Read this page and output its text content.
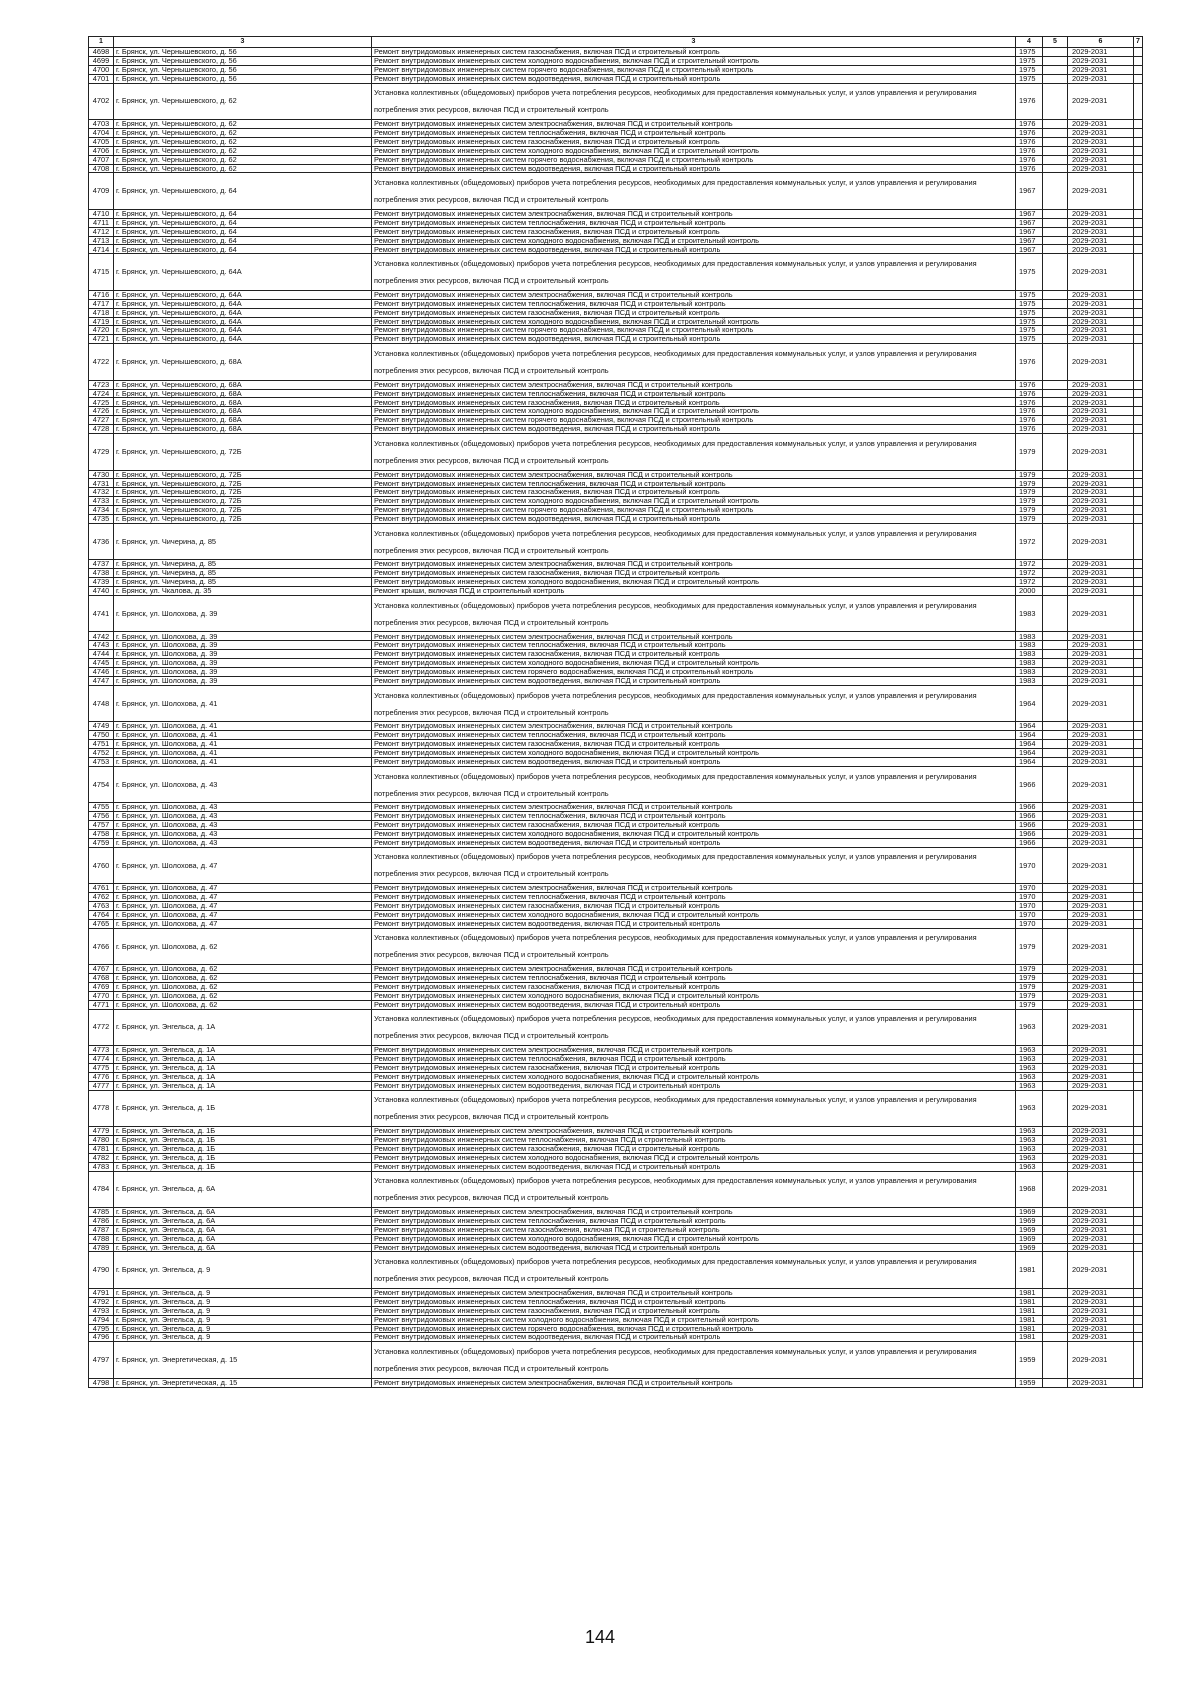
1	3	3	4	5	6	7
4698	г. Брянск, ул. Чернышевского, д. 56	Ремонт внутридомовых инженерных систем газоснабжения, включая ПСД и строительный контроль	1975		2029-2031	
4699	г. Брянск, ул. Чернышевского, д. 56	Ремонт внутридомовых инженерных систем холодного водоснабжения, включая ПСД и строительный контроль	1975		2029-2031	
4700	г. Брянск, ул. Чернышевского, д. 56	Ремонт внутридомовых инженерных систем горячего водоснабжения, включая ПСД и строительный контроль	1975		2029-2031	
4701	г. Брянск, ул. Чернышевского, д. 56	Ремонт внутридомовых инженерных систем водоотведения, включая ПСД и строительный контроль	1975		2029-2031	
4702	г. Брянск, ул. Чернышевского, д. 62	Установка коллективных (общедомовых) приборов учета потребления ресурсов, необходимых для предоставления коммунальных услуг, и узлов управления и регулирования потребления этих ресурсов, включая ПСД и строительный контроль	1976		2029-2031	
4703	г. Брянск, ул. Чернышевского, д. 62	Ремонт внутридомовых инженерных систем электроснабжения, включая ПСД и строительный контроль	1976		2029-2031	
4704	г. Брянск, ул. Чернышевского, д. 62	Ремонт внутридомовых инженерных систем теплоснабжения, включая ПСД и строительный контроль	1976		2029-2031	
4705	г. Брянск, ул. Чернышевского, д. 62	Ремонт внутридомовых инженерных систем газоснабжения, включая ПСД и строительный контроль	1976		2029-2031	
4706	г. Брянск, ул. Чернышевского, д. 62	Ремонт внутридомовых инженерных систем холодного водоснабжения, включая ПСД и строительный контроль	1976		2029-2031	
4707	г. Брянск, ул. Чернышевского, д. 62	Ремонт внутридомовых инженерных систем горячего водоснабжения, включая ПСД и строительный контроль	1976		2029-2031	
4708	г. Брянск, ул. Чернышевского, д. 62	Ремонт внутридомовых инженерных систем водоотведения, включая ПСД и строительный контроль	1976		2029-2031	
4709	г. Брянск, ул. Чернышевского, д. 64	Установка коллективных (общедомовых) приборов учета потребления ресурсов, необходимых для предоставления коммунальных услуг, и узлов управления и регулирования потребления этих ресурсов, включая ПСД и строительный контроль	1967		2029-2031	
4710	г. Брянск, ул. Чернышевского, д. 64	Ремонт внутридомовых инженерных систем электроснабжения, включая ПСД и строительный контроль	1967		2029-2031	
4711	г. Брянск, ул. Чернышевского, д. 64	Ремонт внутридомовых инженерных систем теплоснабжения, включая ПСД и строительный контроль	1967		2029-2031	
4712	г. Брянск, ул. Чернышевского, д. 64	Ремонт внутридомовых инженерных систем газоснабжения, включая ПСД и строительный контроль	1967		2029-2031	
4713	г. Брянск, ул. Чернышевского, д. 64	Ремонт внутридомовых инженерных систем холодного водоснабжения, включая ПСД и строительный контроль	1967		2029-2031	
4714	г. Брянск, ул. Чернышевского, д. 64	Ремонт внутридомовых инженерных систем водоотведения, включая ПСД и строительный контроль	1967		2029-2031	
4715	г. Брянск, ул. Чернышевского, д. 64А	Установка коллективных (общедомовых) приборов учета потребления ресурсов, необходимых для предоставления коммунальных услуг, и узлов управления и регулирования потребления этих ресурсов, включая ПСД и строительный контроль	1975		2029-2031	
4716	г. Брянск, ул. Чернышевского, д. 64А	Ремонт внутридомовых инженерных систем электроснабжения, включая ПСД и строительный контроль	1975		2029-2031	
4717	г. Брянск, ул. Чернышевского, д. 64А	Ремонт внутридомовых инженерных систем теплоснабжения, включая ПСД и строительный контроль	1975		2029-2031	
4718	г. Брянск, ул. Чернышевского, д. 64А	Ремонт внутридомовых инженерных систем газоснабжения, включая ПСД и строительный контроль	1975		2029-2031	
4719	г. Брянск, ул. Чернышевского, д. 64А	Ремонт внутридомовых инженерных систем холодного водоснабжения, включая ПСД и строительный контроль	1975		2029-2031	
4720	г. Брянск, ул. Чернышевского, д. 64А	Ремонт внутридомовых инженерных систем горячего водоснабжения, включая ПСД и строительный контроль	1975		2029-2031	
4721	г. Брянск, ул. Чернышевского, д. 64А	Ремонт внутридомовых инженерных систем водоотведения, включая ПСД и строительный контроль	1975		2029-2031	
4722	г. Брянск, ул. Чернышевского, д. 68А	Установка коллективных (общедомовых) приборов учета потребления ресурсов, необходимых для предоставления коммунальных услуг, и узлов управления и регулирования потребления этих ресурсов, включая ПСД и строительный контроль	1976		2029-2031	
4723	г. Брянск, ул. Чернышевского, д. 68А	Ремонт внутридомовых инженерных систем электроснабжения, включая ПСД и строительный контроль	1976		2029-2031	
4724	г. Брянск, ул. Чернышевского, д. 68А	Ремонт внутридомовых инженерных систем теплоснабжения, включая ПСД и строительный контроль	1976		2029-2031	
4725	г. Брянск, ул. Чернышевского, д. 68А	Ремонт внутридомовых инженерных систем газоснабжения, включая ПСД и строительный контроль	1976		2029-2031	
4726	г. Брянск, ул. Чернышевского, д. 68А	Ремонт внутридомовых инженерных систем холодного водоснабжения, включая ПСД и строительный контроль	1976		2029-2031	
4727	г. Брянск, ул. Чернышевского, д. 68А	Ремонт внутридомовых инженерных систем горячего водоснабжения, включая ПСД и строительный контроль	1976		2029-2031	
4728	г. Брянск, ул. Чернышевского, д. 68А	Ремонт внутридомовых инженерных систем водоотведения, включая ПСД и строительный контроль	1976		2029-2031	
4729	г. Брянск, ул. Чернышевского, д. 72Б	Установка коллективных (общедомовых) приборов учета потребления ресурсов, необходимых для предоставления коммунальных услуг, и узлов управления и регулирования потребления этих ресурсов, включая ПСД и строительный контроль	1979		2029-2031	
4730	г. Брянск, ул. Чернышевского, д. 72Б	Ремонт внутридомовых инженерных систем электроснабжения, включая ПСД и строительный контроль	1979		2029-2031	
4731	г. Брянск, ул. Чернышевского, д. 72Б	Ремонт внутридомовых инженерных систем теплоснабжения, включая ПСД и строительный контроль	1979		2029-2031	
4732	г. Брянск, ул. Чернышевского, д. 72Б	Ремонт внутридомовых инженерных систем газоснабжения, включая ПСД и строительный контроль	1979		2029-2031	
4733	г. Брянск, ул. Чернышевского, д. 72Б	Ремонт внутридомовых инженерных систем холодного водоснабжения, включая ПСД и строительный контроль	1979		2029-2031	
4734	г. Брянск, ул. Чернышевского, д. 72Б	Ремонт внутридомовых инженерных систем горячего водоснабжения, включая ПСД и строительный контроль	1979		2029-2031	
4735	г. Брянск, ул. Чернышевского, д. 72Б	Ремонт внутридомовых инженерных систем водоотведения, включая ПСД и строительный контроль	1979		2029-2031	
4736	г. Брянск, ул. Чичерина, д. 85	Установка коллективных (общедомовых) приборов учета потребления ресурсов, необходимых для предоставления коммунальных услуг, и узлов управления и регулирования потребления этих ресурсов, включая ПСД и строительный контроль	1972		2029-2031	
4737	г. Брянск, ул. Чичерина, д. 85	Ремонт внутридомовых инженерных систем электроснабжения, включая ПСД и строительный контроль	1972		2029-2031	
4738	г. Брянск, ул. Чичерина, д. 85	Ремонт внутридомовых инженерных систем газоснабжения, включая ПСД и строительный контроль	1972		2029-2031	
4739	г. Брянск, ул. Чичерина, д. 85	Ремонт внутридомовых инженерных систем холодного водоснабжения, включая ПСД и строительный контроль	1972		2029-2031	
4740	г. Брянск, ул. Чкалова, д. 35	Ремонт крыши, включая ПСД и строительный контроль	2000		2029-2031	
4741	г. Брянск, ул. Шолохова, д. 39	Установка коллективных (общедомовых) приборов учета потребления ресурсов, необходимых для предоставления коммунальных услуг, и узлов управления и регулирования потребления этих ресурсов, включая ПСД и строительный контроль	1983		2029-2031	
4742	г. Брянск, ул. Шолохова, д. 39	Ремонт внутридомовых инженерных систем электроснабжения, включая ПСД и строительный контроль	1983		2029-2031	
4743	г. Брянск, ул. Шолохова, д. 39	Ремонт внутридомовых инженерных систем теплоснабжения, включая ПСД и строительный контроль	1983		2029-2031	
4744	г. Брянск, ул. Шолохова, д. 39	Ремонт внутридомовых инженерных систем газоснабжения, включая ПСД и строительный контроль	1983		2029-2031	
4745	г. Брянск, ул. Шолохова, д. 39	Ремонт внутридомовых инженерных систем холодного водоснабжения, включая ПСД и строительный контроль	1983		2029-2031	
4746	г. Брянск, ул. Шолохова, д. 39	Ремонт внутридомовых инженерных систем горячего водоснабжения, включая ПСД и строительный контроль	1983		2029-2031	
4747	г. Брянск, ул. Шолохова, д. 39	Ремонт внутридомовых инженерных систем водоотведения, включая ПСД и строительный контроль	1983		2029-2031	
4748	г. Брянск, ул. Шолохова, д. 41	Установка коллективных (общедомовых) приборов учета потребления ресурсов, необходимых для предоставления коммунальных услуг, и узлов управления и регулирования потребления этих ресурсов, включая ПСД и строительный контроль	1964		2029-2031	
4749	г. Брянск, ул. Шолохова, д. 41	Ремонт внутридомовых инженерных систем электроснабжения, включая ПСД и строительный контроль	1964		2029-2031	
4750	г. Брянск, ул. Шолохова, д. 41	Ремонт внутридомовых инженерных систем теплоснабжения, включая ПСД и строительный контроль	1964		2029-2031	
4751	г. Брянск, ул. Шолохова, д. 41	Ремонт внутридомовых инженерных систем газоснабжения, включая ПСД и строительный контроль	1964		2029-2031	
4752	г. Брянск, ул. Шолохова, д. 41	Ремонт внутридомовых инженерных систем холодного водоснабжения, включая ПСД и строительный контроль	1964		2029-2031	
4753	г. Брянск, ул. Шолохова, д. 41	Ремонт внутридомовых инженерных систем водоотведения, включая ПСД и строительный контроль	1964		2029-2031	
4754	г. Брянск, ул. Шолохова, д. 43	Установка коллективных (общедомовых) приборов учета потребления ресурсов, необходимых для предоставления коммунальных услуг, и узлов управления и регулирования потребления этих ресурсов, включая ПСД и строительный контроль	1966		2029-2031	
4755	г. Брянск, ул. Шолохова, д. 43	Ремонт внутридомовых инженерных систем электроснабжения, включая ПСД и строительный контроль	1966		2029-2031	
4756	г. Брянск, ул. Шолохова, д. 43	Ремонт внутридомовых инженерных систем теплоснабжения, включая ПСД и строительный контроль	1966		2029-2031	
4757	г. Брянск, ул. Шолохова, д. 43	Ремонт внутридомовых инженерных систем газоснабжения, включая ПСД и строительный контроль	1966		2029-2031	
4758	г. Брянск, ул. Шолохова, д. 43	Ремонт внутридомовых инженерных систем холодного водоснабжения, включая ПСД и строительный контроль	1966		2029-2031	
4759	г. Брянск, ул. Шолохова, д. 43	Ремонт внутридомовых инженерных систем водоотведения, включая ПСД и строительный контроль	1966		2029-2031	
4760	г. Брянск, ул. Шолохова, д. 47	Установка коллективных (общедомовых) приборов учета потребления ресурсов, необходимых для предоставления коммунальных услуг, и узлов управления и регулирования потребления этих ресурсов, включая ПСД и строительный контроль	1970		2029-2031	
4761	г. Брянск, ул. Шолохова, д. 47	Ремонт внутридомовых инженерных систем электроснабжения, включая ПСД и строительный контроль	1970		2029-2031	
4762	г. Брянск, ул. Шолохова, д. 47	Ремонт внутридомовых инженерных систем теплоснабжения, включая ПСД и строительный контроль	1970		2029-2031	
4763	г. Брянск, ул. Шолохова, д. 47	Ремонт внутридомовых инженерных систем газоснабжения, включая ПСД и строительный контроль	1970		2029-2031	
4764	г. Брянск, ул. Шолохова, д. 47	Ремонт внутридомовых инженерных систем холодного водоснабжения, включая ПСД и строительный контроль	1970		2029-2031	
4765	г. Брянск, ул. Шолохова, д. 47	Ремонт внутридомовых инженерных систем водоотведения, включая ПСД и строительный контроль	1970		2029-2031	
4766	г. Брянск, ул. Шолохова, д. 62	Установка коллективных (общедомовых) приборов учета потребления ресурсов, необходимых для предоставления коммунальных услуг, и узлов управления и регулирования потребления этих ресурсов, включая ПСД и строительный контроль	1979		2029-2031	
4767	г. Брянск, ул. Шолохова, д. 62	Ремонт внутридомовых инженерных систем электроснабжения, включая ПСД и строительный контроль	1979		2029-2031	
4768	г. Брянск, ул. Шолохова, д. 62	Ремонт внутридомовых инженерных систем теплоснабжения, включая ПСД и строительный контроль	1979		2029-2031	
4769	г. Брянск, ул. Шолохова, д. 62	Ремонт внутридомовых инженерных систем газоснабжения, включая ПСД и строительный контроль	1979		2029-2031	
4770	г. Брянск, ул. Шолохова, д. 62	Ремонт внутридомовых инженерных систем холодного водоснабжения, включая ПСД и строительный контроль	1979		2029-2031	
4771	г. Брянск, ул. Шолохова, д. 62	Ремонт внутридомовых инженерных систем водоотведения, включая ПСД и строительный контроль	1979		2029-2031	
4772	г. Брянск, ул. Энгельса, д. 1А	Установка коллективных (общедомовых) приборов учета потребления ресурсов, необходимых для предоставления коммунальных услуг, и узлов управления и регулирования потребления этих ресурсов, включая ПСД и строительный контроль	1963		2029-2031	
4773	г. Брянск, ул. Энгельса, д. 1А	Ремонт внутридомовых инженерных систем электроснабжения, включая ПСД и строительный контроль	1963		2029-2031	
4774	г. Брянск, ул. Энгельса, д. 1А	Ремонт внутридомовых инженерных систем теплоснабжения, включая ПСД и строительный контроль	1963		2029-2031	
4775	г. Брянск, ул. Энгельса, д. 1А	Ремонт внутридомовых инженерных систем газоснабжения, включая ПСД и строительный контроль	1963		2029-2031	
4776	г. Брянск, ул. Энгельса, д. 1А	Ремонт внутридомовых инженерных систем холодного водоснабжения, включая ПСД и строительный контроль	1963		2029-2031	
4777	г. Брянск, ул. Энгельса, д. 1А	Ремонт внутридомовых инженерных систем водоотведения, включая ПСД и строительный контроль	1963		2029-2031	
4778	г. Брянск, ул. Энгельса, д. 1Б	Установка коллективных (общедомовых) приборов учета потребления ресурсов, необходимых для предоставления коммунальных услуг, и узлов управления и регулирования потребления этих ресурсов, включая ПСД и строительный контроль	1963		2029-2031	
4779	г. Брянск, ул. Энгельса, д. 1Б	Ремонт внутридомовых инженерных систем электроснабжения, включая ПСД и строительный контроль	1963		2029-2031	
4780	г. Брянск, ул. Энгельса, д. 1Б	Ремонт внутридомовых инженерных систем теплоснабжения, включая ПСД и строительный контроль	1963		2029-2031	
4781	г. Брянск, ул. Энгельса, д. 1Б	Ремонт внутридомовых инженерных систем газоснабжения, включая ПСД и строительный контроль	1963		2029-2031	
4782	г. Брянск, ул. Энгельса, д. 1Б	Ремонт внутридомовых инженерных систем холодного водоснабжения, включая ПСД и строительный контроль	1963		2029-2031	
4783	г. Брянск, ул. Энгельса, д. 1Б	Ремонт внутридомовых инженерных систем водоотведения, включая ПСД и строительный контроль	1963		2029-2031	
4784	г. Брянск, ул. Энгельса, д. 6А	Установка коллективных (общедомовых) приборов учета потребления ресурсов, необходимых для предоставления коммунальных услуг, и узлов управления и регулирования потребления этих ресурсов, включая ПСД и строительный контроль	1968		2029-2031	
4785	г. Брянск, ул. Энгельса, д. 6А	Ремонт внутридомовых инженерных систем электроснабжения, включая ПСД и строительный контроль	1969		2029-2031	
4786	г. Брянск, ул. Энгельса, д. 6А	Ремонт внутридомовых инженерных систем теплоснабжения, включая ПСД и строительный контроль	1969		2029-2031	
4787	г. Брянск, ул. Энгельса, д. 6А	Ремонт внутридомовых инженерных систем газоснабжения, включая ПСД и строительный контроль	1969		2029-2031	
4788	г. Брянск, ул. Энгельса, д. 6А	Ремонт внутридомовых инженерных систем холодного водоснабжения, включая ПСД и строительный контроль	1969		2029-2031	
4789	г. Брянск, ул. Энгельса, д. 6А	Ремонт внутридомовых инженерных систем водоотведения, включая ПСД и строительный контроль	1969		2029-2031	
4790	г. Брянск, ул. Энгельса, д. 9	Установка коллективных (общедомовых) приборов учета потребления ресурсов, необходимых для предоставления коммунальных услуг, и узлов управления и регулирования потребления этих ресурсов, включая ПСД и строительный контроль	1981		2029-2031	
4791	г. Брянск, ул. Энгельса, д. 9	Ремонт внутридомовых инженерных систем электроснабжения, включая ПСД и строительный контроль	1981		2029-2031	
4792	г. Брянск, ул. Энгельса, д. 9	Ремонт внутридомовых инженерных систем теплоснабжения, включая ПСД и строительный контроль	1981		2029-2031	
4793	г. Брянск, ул. Энгельса, д. 9	Ремонт внутридомовых инженерных систем газоснабжения, включая ПСД и строительный контроль	1981		2029-2031	
4794	г. Брянск, ул. Энгельса, д. 9	Ремонт внутридомовых инженерных систем холодного водоснабжения, включая ПСД и строительный контроль	1981		2029-2031	
4795	г. Брянск, ул. Энгельса, д. 9	Ремонт внутридомовых инженерных систем горячего водоснабжения, включая ПСД и строительный контроль	1981		2029-2031	
4796	г. Брянск, ул. Энгельса, д. 9	Ремонт внутридомовых инженерных систем водоотведения, включая ПСД и строительный контроль	1981		2029-2031	
4797	г. Брянск, ул. Энергетическая, д. 15	Установка коллективных (общедомовых) приборов учета потребления ресурсов, необходимых для предоставления коммунальных услуг, и узлов управления и регулирования потребления этих ресурсов, включая ПСД и строительный контроль	1959		2029-2031	
4798	г. Брянск, ул. Энергетическая, д. 15	Ремонт внутридомовых инженерных систем электроснабжения, включая ПСД и строительный контроль	1959		2029-2031	
144
